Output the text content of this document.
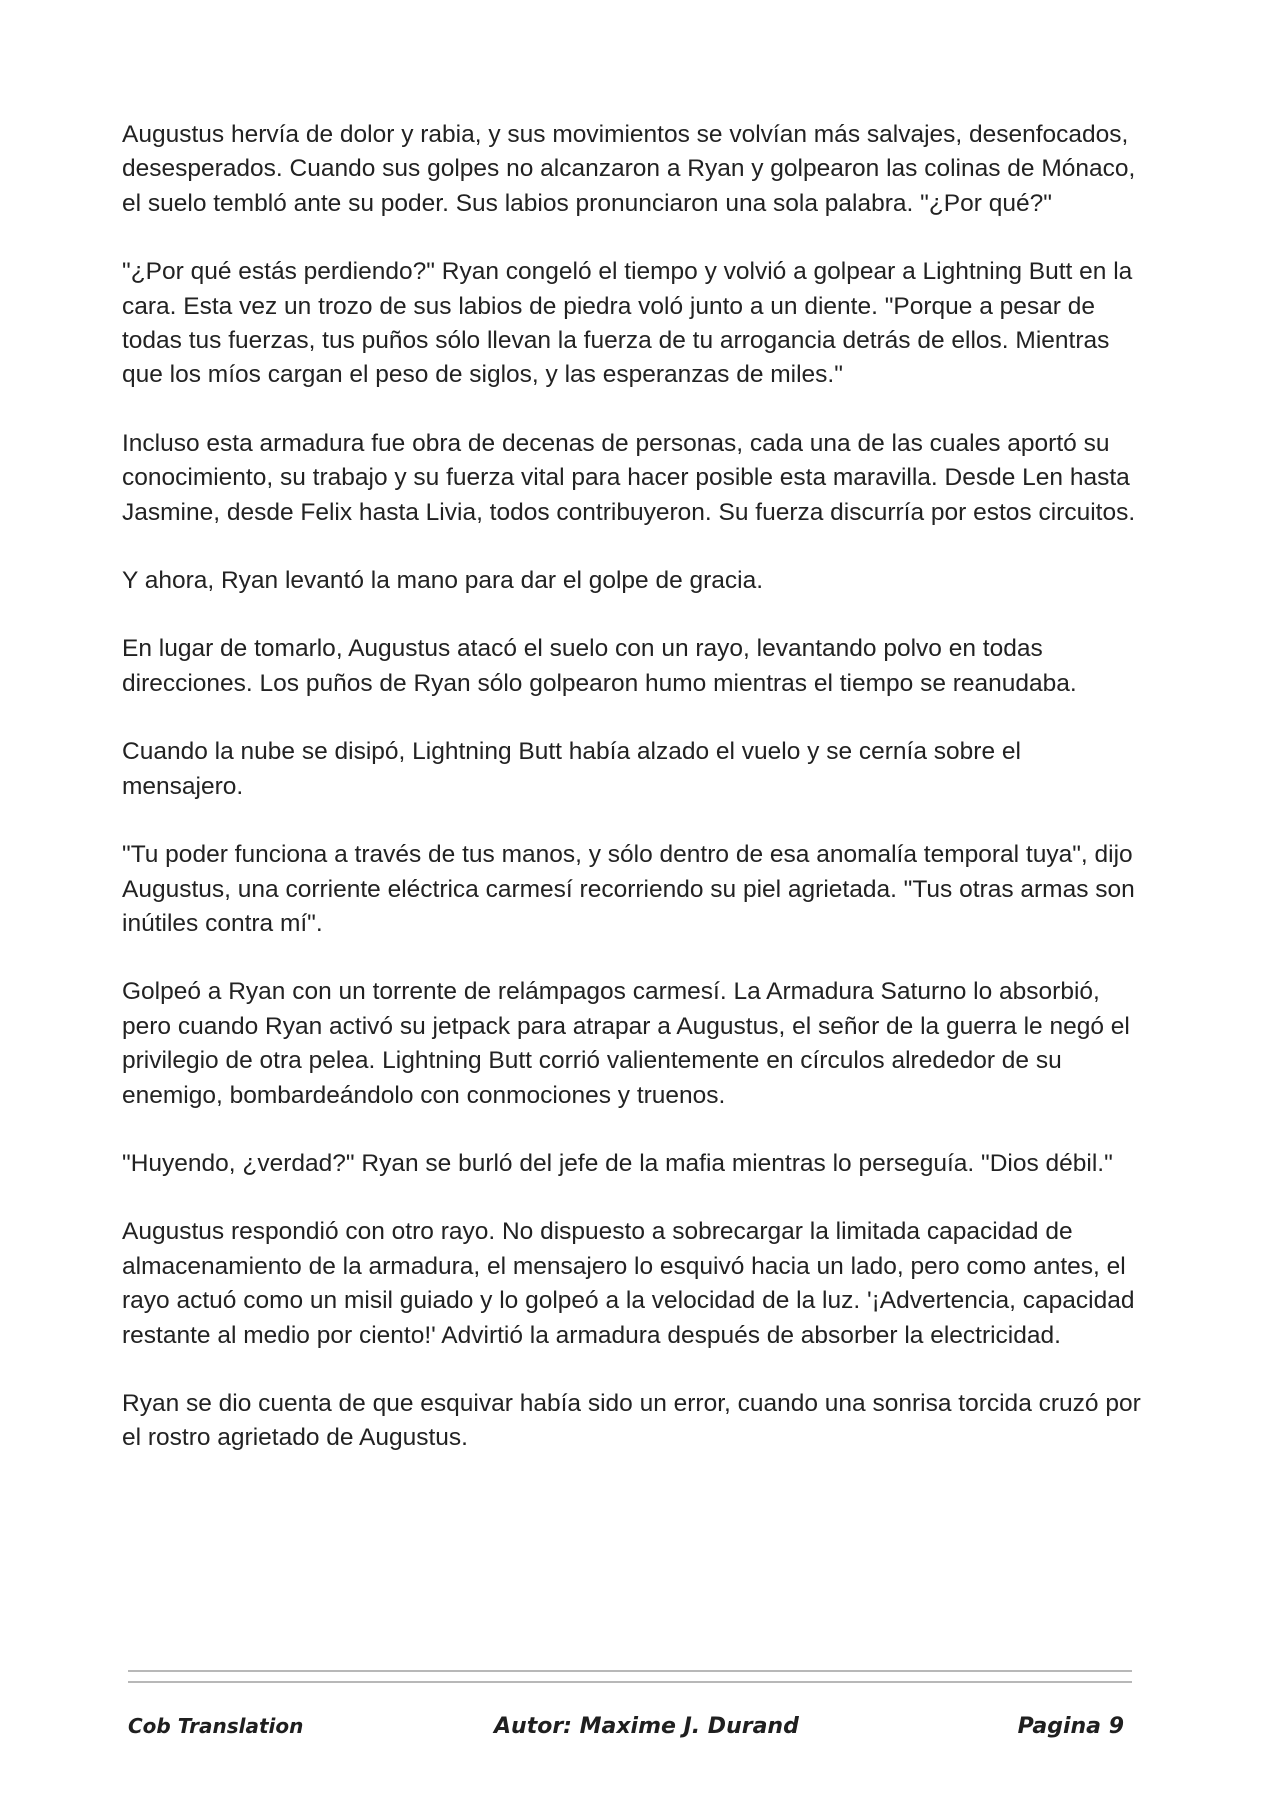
Augustus hervía de dolor y rabia, y sus movimientos se volvían más salvajes, desenfocados, desesperados. Cuando sus golpes no alcanzaron a Ryan y golpearon las colinas de Mónaco, el suelo tembló ante su poder. Sus labios pronunciaron una sola palabra. "¿Por qué?"

"¿Por qué estás perdiendo?" Ryan congeló el tiempo y volvió a golpear a Lightning Butt en la cara. Esta vez un trozo de sus labios de piedra voló junto a un diente. "Porque a pesar de todas tus fuerzas, tus puños sólo llevan la fuerza de tu arrogancia detrás de ellos. Mientras que los míos cargan el peso de siglos, y las esperanzas de miles."

Incluso esta armadura fue obra de decenas de personas, cada una de las cuales aportó su conocimiento, su trabajo y su fuerza vital para hacer posible esta maravilla. Desde Len hasta Jasmine, desde Felix hasta Livia, todos contribuyeron. Su fuerza discurría por estos circuitos.

Y ahora, Ryan levantó la mano para dar el golpe de gracia.

En lugar de tomarlo, Augustus atacó el suelo con un rayo, levantando polvo en todas direcciones. Los puños de Ryan sólo golpearon humo mientras el tiempo se reanudaba.

Cuando la nube se disipó, Lightning Butt había alzado el vuelo y se cernía sobre el mensajero.

"Tu poder funciona a través de tus manos, y sólo dentro de esa anomalía temporal tuya", dijo Augustus, una corriente eléctrica carmesí recorriendo su piel agrietada. "Tus otras armas son inútiles contra mí".

Golpeó a Ryan con un torrente de relámpagos carmesí. La Armadura Saturno lo absorbió, pero cuando Ryan activó su jetpack para atrapar a Augustus, el señor de la guerra le negó el privilegio de otra pelea. Lightning Butt corrió valientemente en círculos alrededor de su enemigo, bombardeándolo con conmociones y truenos.

"Huyendo, ¿verdad?" Ryan se burló del jefe de la mafia mientras lo perseguía. "Dios débil."

Augustus respondió con otro rayo. No dispuesto a sobrecargar la limitada capacidad de almacenamiento de la armadura, el mensajero lo esquivó hacia un lado, pero como antes, el rayo actuó como un misil guiado y lo golpeó a la velocidad de la luz. '¡Advertencia, capacidad restante al medio por ciento!' Advirtió la armadura después de absorber la electricidad.

Ryan se dio cuenta de que esquivar había sido un error, cuando una sonrisa torcida cruzó por el rostro agrietado de Augustus.

Cob Translation	Autor: Maxime J. Durand	Pagina 9
